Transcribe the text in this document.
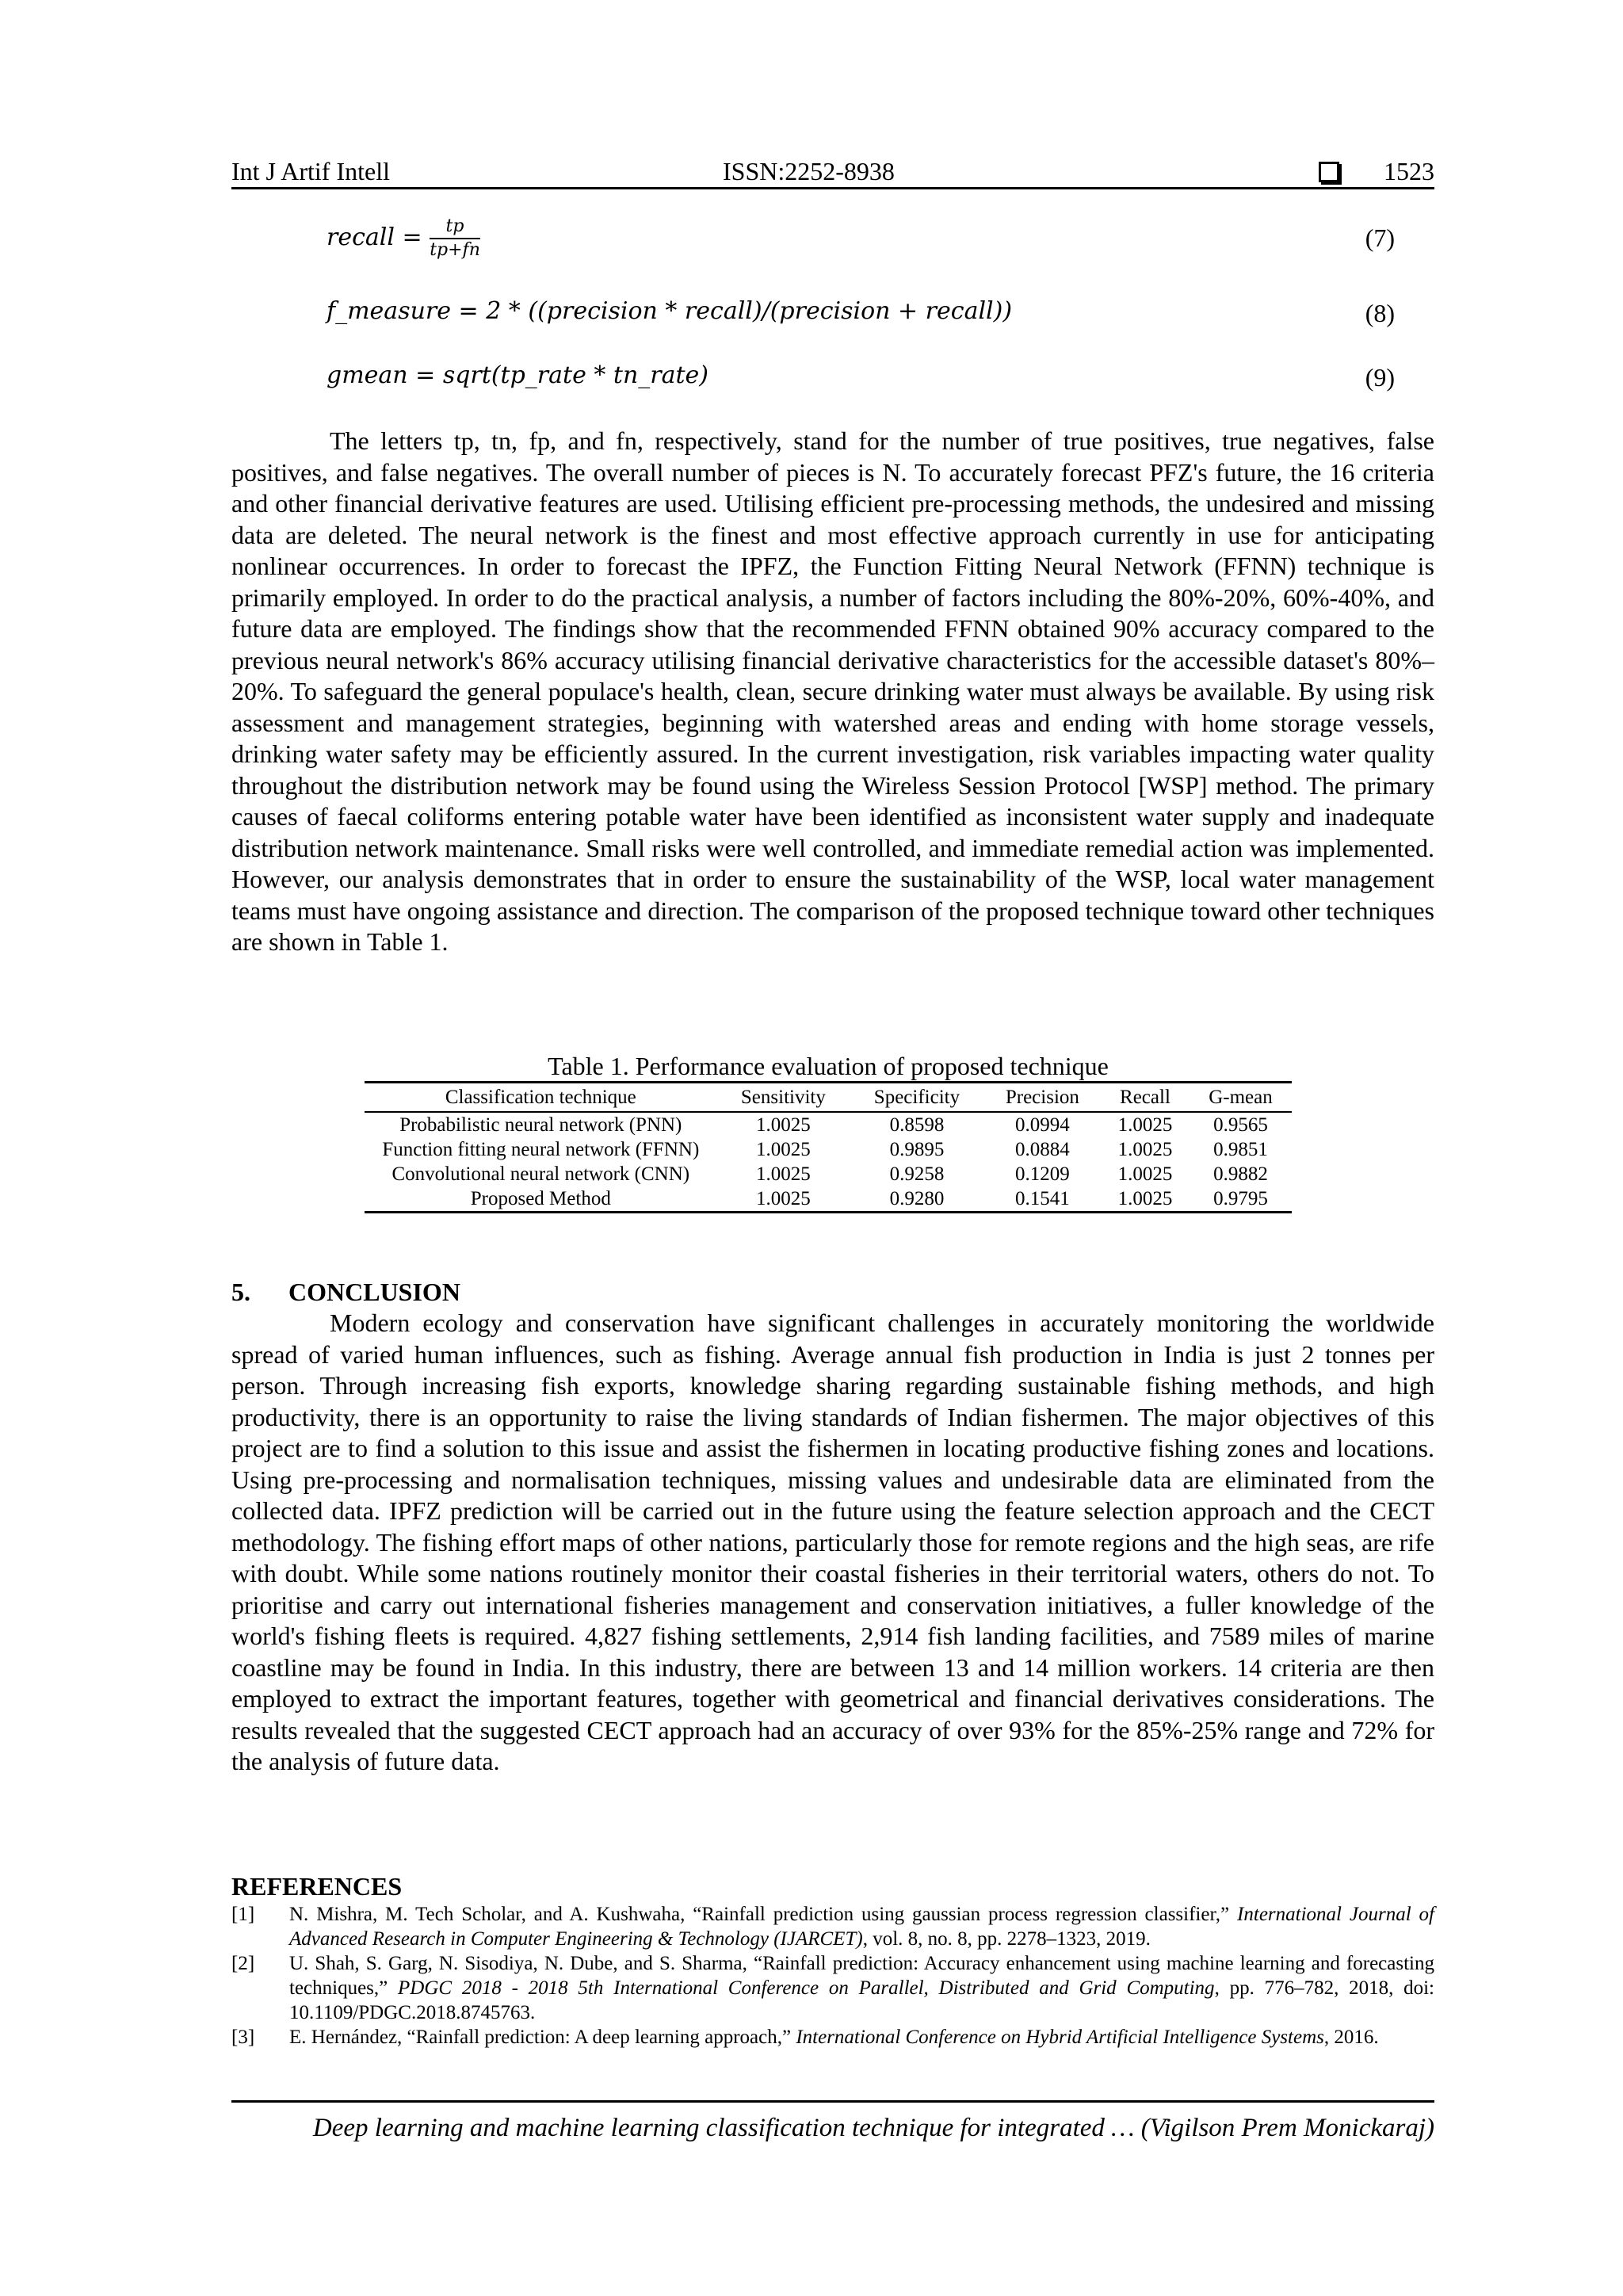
Int J Artif Intell	ISSN:2252-8938	1523
recall = $\frac{tp}{tp+fn}$	(7)
f_measure = 2 * ((precision * recall)/(precision + recall))	(8)
gmean = sqrt(tp_rate * tn_rate)	(9)

The letters tp, tn, fp, and fn, respectively, stand for the number of true positives, true negatives, false positives, and false negatives. The overall number of pieces is N. To accurately forecast PFZ's future, the 16 criteria and other financial derivative features are used. Utilising efficient pre-processing methods, the undesired and missing data are deleted. The neural network is the finest and most effective approach currently in use for anticipating nonlinear occurrences. In order to forecast the IPFZ, the Function Fitting Neural Network (FFNN) technique is primarily employed. In order to do the practical analysis, a number of factors including the 80%-20%, 60%-40%, and future data are employed. The findings show that the recommended FFNN obtained 90% accuracy compared to the previous neural network's 86% accuracy utilising financial derivative characteristics for the accessible dataset's 80%–20%. To safeguard the general populace's health, clean, secure drinking water must always be available. By using risk assessment and management strategies, beginning with watershed areas and ending with home storage vessels, drinking water safety may be efficiently assured. In the current investigation, risk variables impacting water quality throughout the distribution network may be found using the Wireless Session Protocol [WSP] method. The primary causes of faecal coliforms entering potable water have been identified as inconsistent water supply and inadequate distribution network maintenance. Small risks were well controlled, and immediate remedial action was implemented. However, our analysis demonstrates that in order to ensure the sustainability of the WSP, local water management teams must have ongoing assistance and direction. The comparison of the proposed technique toward other techniques are shown in Table 1.

Table 1. Performance evaluation of proposed technique
Classification technique	Sensitivity	Specificity	Precision	Recall	G-mean
Probabilistic neural network (PNN)	1.0025	0.8598	0.0994	1.0025	0.9565
Function fitting neural network (FFNN)	1.0025	0.9895	0.0884	1.0025	0.9851
Convolutional neural network (CNN)	1.0025	0.9258	0.1209	1.0025	0.9882
Proposed Method	1.0025	0.9280	0.1541	1.0025	0.9795
5. CONCLUSION

Modern ecology and conservation have significant challenges in accurately monitoring the worldwide spread of varied human influences, such as fishing. Average annual fish production in India is just 2 tonnes per person. Through increasing fish exports, knowledge sharing regarding sustainable fishing methods, and high productivity, there is an opportunity to raise the living standards of Indian fishermen. The major objectives of this project are to find a solution to this issue and assist the fishermen in locating productive fishing zones and locations. Using pre-processing and normalisation techniques, missing values and undesirable data are eliminated from the collected data. IPFZ prediction will be carried out in the future using the feature selection approach and the CECT methodology. The fishing effort maps of other nations, particularly those for remote regions and the high seas, are rife with doubt. While some nations routinely monitor their coastal fisheries in their territorial waters, others do not. To prioritise and carry out international fisheries management and conservation initiatives, a fuller knowledge of the world's fishing fleets is required. 4,827 fishing settlements, 2,914 fish landing facilities, and 7589 miles of marine coastline may be found in India. In this industry, there are between 13 and 14 million workers. 14 criteria are then employed to extract the important features, together with geometrical and financial derivatives considerations. The results revealed that the suggested CECT approach had an accuracy of over 93% for the 85%-25% range and 72% for the analysis of future data.

REFERENCES
[1] N. Mishra, M. Tech Scholar, and A. Kushwaha, “Rainfall prediction using gaussian process regression classifier,” International Journal of Advanced Research in Computer Engineering & Technology (IJARCET), vol. 8, no. 8, pp. 2278–1323, 2019.
[2] U. Shah, S. Garg, N. Sisodiya, N. Dube, and S. Sharma, “Rainfall prediction: Accuracy enhancement using machine learning and forecasting techniques,” PDGC 2018 - 2018 5th International Conference on Parallel, Distributed and Grid Computing, pp. 776–782, 2018, doi: 10.1109/PDGC.2018.8745763.
[3] E. Hernández, “Rainfall prediction: A deep learning approach,” International Conference on Hybrid Artificial Intelligence Systems, 2016.
Deep learning and machine learning classification technique for integrated … (Vigilson Prem Monickaraj)
